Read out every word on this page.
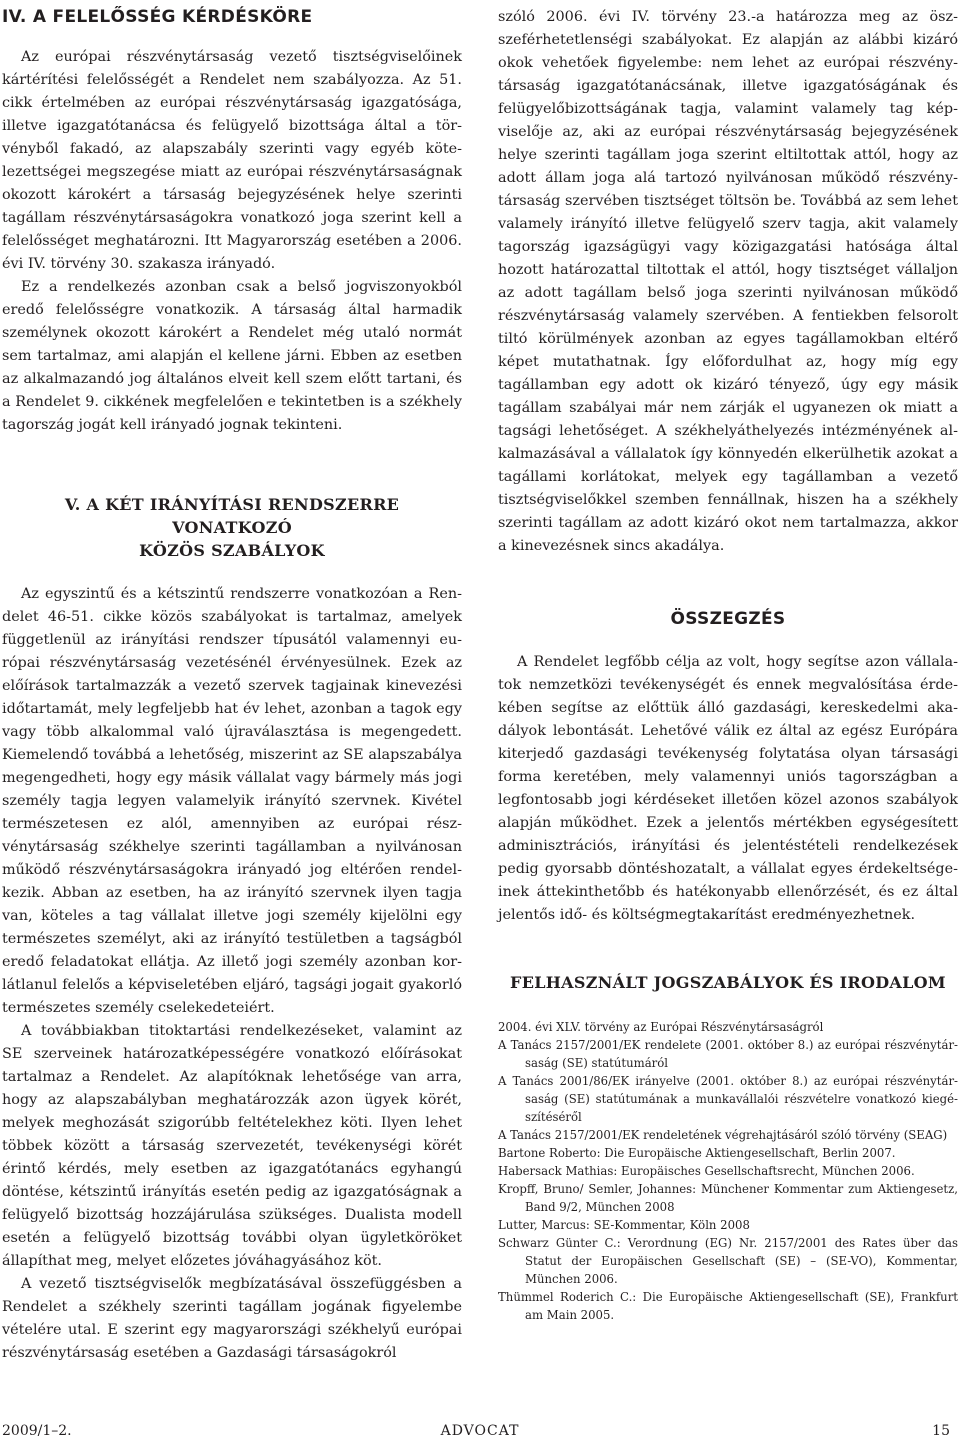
IV. A FELELŐSSÉG KÉRDÉSKÖRE

Az európai részvénytársaság vezető tisztségviselőinek kártérítési felelősségét a Rendelet nem szabályozza. Az 51. cikk értelmében az európai részvénytársaság igazgatósága, illetve igazgatótanácsa és felügyelő bizottsága által a törvényből fakadó, az alapszabály szerinti vagy egyéb kötelezettségei megszegése miatt az európai részvénytársaságnak okozott károkért a társaság bejegyzésének helye szerinti tagállam részvénytársaságokra vonatkozó joga szerint kell a felelősséget meghatározni. Itt Magyarország esetében a 2006. évi IV. törvény 30. szakasza irányadó.

Ez a rendelkezés azonban csak a belső jogviszonyokból eredő felelősségre vonatkozik. A társaság által harmadik személynek okozott károkért a Rendelet még utaló normát sem tartalmaz, ami alapján el kellene járni. Ebben az esetben az alkalmazandó jog általános elveit kell szem előtt tartani, és a Rendelet 9. cikkének megfelelően e tekintetben is a székhely tagország jogát kell irányadó jognak tekinteni.

V. A KÉT IRÁNYÍTÁSI RENDSZERRE VONATKOZÓ
KÖZÖS SZABÁLYOK

Az egyszintű és a kétszintű rendszerre vonatkozóan a Rendelet 46-51. cikke közös szabályokat is tartalmaz, amelyek függetlenül az irányítási rendszer típusától valamennyi európai részvénytársaság vezetésénél érvényesülnek. Ezek az előírások tartalmazzák a vezető szervek tagjainak kinevezési időtartamát, mely legfeljebb hat év lehet, azonban a tagok egy vagy több alkalommal való újraválasztása is megengedett. Kiemelendő továbbá a lehetőség, miszerint az SE alapszabálya megengedheti, hogy egy másik vállalat vagy bármely más jogi személy tagja legyen valamelyik irányító szervnek. Kivétel természetesen ez alól, amennyiben az európai részvénytársaság székhelye szerinti tagállamban a nyilvánosan működő részvénytársaságokra irányadó jog eltérően rendelkezik. Abban az esetben, ha az irányító szervnek ilyen tagja van, köteles a tag vállalat illetve jogi személy kijelölni egy természetes személyt, aki az irányító testületben a tagságból eredő feladatokat ellátja. Az illető jogi személy azonban korlátlanul felelős a képviseletében eljáró, tagsági jogait gyakorló természetes személy cselekedeteiért.

A továbbiakban titoktartási rendelkezéseket, valamint az SE szerveinek határozatképességére vonatkozó előírásokat tartalmaz a Rendelet. Az alapítóknak lehetősége van arra, hogy az alapszabályban meghatározzák azon ügyek körét, melyek meghozását szigorúbb feltételekhez köti. Ilyen lehet többek között a társaság szervezetét, tevékenységi körét érintő kérdés, mely esetben az igazgatótanács egyhangú döntése, kétszintű irányítás esetén pedig az igazgatóságnak a felügyelő bizottság hozzájárulása szükséges. Dualista modell esetén a felügyelő bizottság további olyan ügyletköröket állapíthat meg, melyet előzetes jóváhagyásához köt.

A vezető tisztségviselők megbízatásával összefüggésben a Rendelet a székhely szerinti tagállam jogának figyelembe vételére utal. E szerint egy magyarországi székhelyű európai részvénytársaság esetében a Gazdasági társaságokról

szóló 2006. évi IV. törvény 23.-a határozza meg az öszszeférhetetlenségi szabályokat. Ez alapján az alábbi kizáró okok vehetőek figyelembe: nem lehet az európai részvénytársaság igazgatótanácsának, illetve igazgatóságának és felügyelőbizottságának tagja, valamint valamely tag képviselője az, aki az európai részvénytársaság bejegyzésének helye szerinti tagállam joga szerint eltiltottak attól, hogy az adott állam joga alá tartozó nyilvánosan működő részvénytársaság szervében tisztséget töltsön be. Továbbá az sem lehet valamely irányító illetve felügyelő szerv tagja, akit valamely tagország igazságügyi vagy közigazgatási hatósága által hozott határozattal tiltottak el attól, hogy tisztséget vállaljon az adott tagállam belső joga szerinti nyilvánosan működő részvénytársaság valamely szervében. A fentiekben felsorolt tiltó körülmények azonban az egyes tagállamokban eltérő képet mutathatnak. Így előfordulhat az, hogy míg egy tagállamban egy adott ok kizáró tényező, úgy egy másik tagállam szabályai már nem zárják el ugyanezen ok miatt a tagsági lehetőséget. A székhelyáthelyezés intézményének alkalmazásával a vállalatok így könnyedén elkerülhetik azokat a tagállami korlátokat, melyek egy tagállamban a vezető tisztségviselőkkel szemben fennállnak, hiszen ha a székhely szerinti tagállam az adott kizáró okot nem tartalmazza, akkor a kinevezésnek sincs akadálya.

ÖSSZEGZÉS

A Rendelet legfőbb célja az volt, hogy segítse azon vállalatok nemzetközi tevékenységét és ennek megvalósítása érdekében segítse az előttük álló gazdasági, kereskedelmi akadályok lebontását. Lehetővé válik ez által az egész Európára kiterjedő gazdasági tevékenység folytatása olyan társasági forma keretében, mely valamennyi uniós tagországban a legfontosabb jogi kérdéseket illetően közel azonos szabályok alapján működhet. Ezek a jelentős mértékben egységesített adminisztrációs, irányítási és jelentéstételi rendelkezések pedig gyorsabb döntéshozatalt, a vállalat egyes érdekeltségeinek áttekinthetőbb és hatékonyabb ellenőrzését, és ez által jelentős idő- és költségmegtakarítást eredményezhetnek.

FELHASZNÁLT JOGSZABÁLYOK ÉS IRODALOM
2004. évi XLV. törvény az Európai Részvénytársaságról
A Tanács 2157/2001/EK rendelete (2001. október 8.) az európai részvénytársaság (SE) statútumáról
A Tanács 2001/86/EK irányelve (2001. október 8.) az európai részvénytársaság (SE) statútumának a munkavállalói részvételre vonatkozó kiegészítéséről
A Tanács 2157/2001/EK rendeletének végrehajtásáról szóló törvény (SEAG)
Bartone Roberto: Die Europäische Aktiengesellschaft, Berlin 2007.
Habersack Mathias: Europäisches Gesellschaftsrecht, München 2006.
Kropff, Bruno/ Semler, Johannes: Münchener Kommentar zum Aktiengesetz, Band 9/2, München 2008
Lutter, Marcus: SE-Kommentar, Köln 2008
Schwarz Günter C.: Verordnung (EG) Nr. 2157/2001 des Rates über das Statut der Europäischen Gesellschaft (SE) – (SE-VO), Kommentar, München 2006.
Thümmel Roderich C.: Die Europäische Aktiengesellschaft (SE), Frankfurt am Main 2005.
2009/1–2.	ADVOCAT	15
